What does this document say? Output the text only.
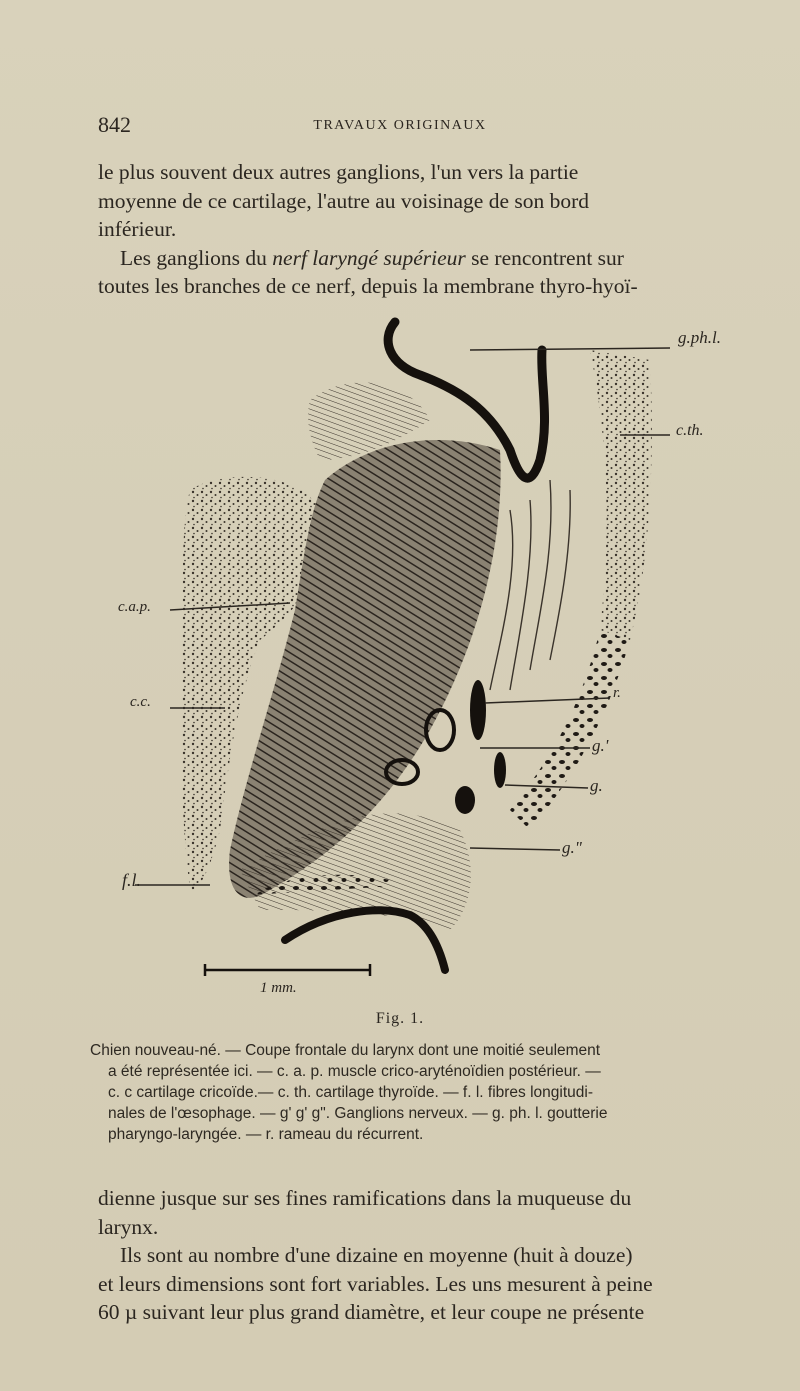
842	TRAVAUX ORIGINAUX

le plus souvent deux autres ganglions, l'un vers la partie

moyenne de ce cartilage, l'autre au voisinage de son bord

inférieur.

Les ganglions du nerf laryngé supérieur se rencontrent sur

toutes les branches de ce nerf, depuis la membrane thyro-hyoï-

g.ph.l.
c.th.
c.a.p.
c.c.
r.
g.'
g.
g."
f.l.
1 mm.
Fig. 1.

Chien nouveau-né. — Coupe frontale du larynx dont une moitié seulement

a été représentée ici. — c. a. p. muscle crico-aryténoïdien postérieur. —

c. c cartilage cricoïde.— c. th. cartilage thyroïde. — f. l. fibres longitudi-

nales de l'œsophage. — g' g' g". Ganglions nerveux. — g. ph. l. goutterie

pharyngo-laryngée. — r. rameau du récurrent.

dienne jusque sur ses fines ramifications dans la muqueuse du

larynx.

Ils sont au nombre d'une dizaine en moyenne (huit à douze)

et leurs dimensions sont fort variables. Les uns mesurent à peine

60 µ suivant leur plus grand diamètre, et leur coupe ne présente
